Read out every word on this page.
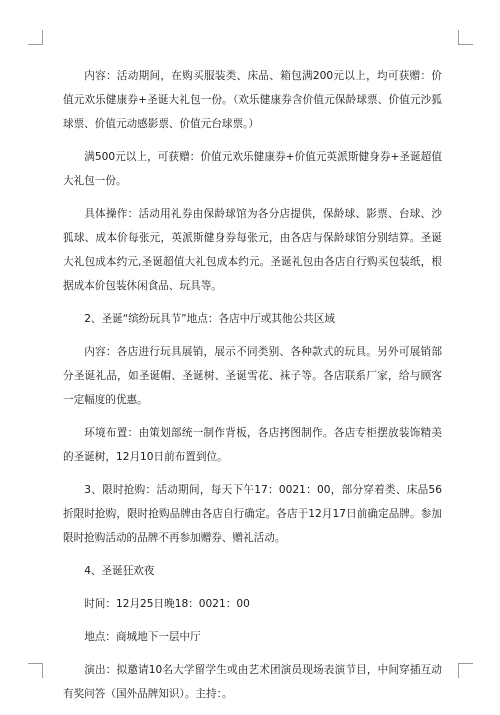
内容：活动期间，在购买服装类、床品、箱包满200元以上，均可获赠：价值元欢乐健康券+圣诞大礼包一份。（欢乐健康券含价值元保龄球票、价值元沙狐球票、价值元动感影票、价值元台球票。）

满500元以上，可获赠：价值元欢乐健康券+价值元英派斯健身券+圣诞超值大礼包一份。

具体操作：活动用礼券由保龄球馆为各分店提供，保龄球、影票、台球、沙狐球、成本价每张元，英派斯健身券每张元，由各店与保龄球馆分别结算。圣诞大礼包成本约元,圣诞超值大礼包成本约元。圣诞礼包由各店自行购买包装纸，根据成本价包装休闲食品、玩具等。

2、圣诞“缤纷玩具节”地点：各店中厅或其他公共区域

内容：各店进行玩具展销，展示不同类别、各种款式的玩具。另外可展销部分圣诞礼品，如圣诞帽、圣诞树、圣诞雪花、袜子等。各店联系厂家，给与顾客一定幅度的优惠。

环境布置：由策划部统一制作背板，各店拷图制作。各店专柜摆放装饰精美的圣诞树，12月10日前布置到位。

3、限时抢购：活动期间，每天下午17：0021：00，部分穿着类、床品56折限时抢购，限时抢购品牌由各店自行确定。各店于12月17日前确定品牌。参加限时抢购活动的品牌不再参加赠券、赠礼活动。

4、圣诞狂欢夜

时间：12月25日晚18：0021：00

地点：商城地下一层中厅

演出：拟邀请10名大学留学生或由艺术团演员现场表演节目，中间穿插互动有奖问答（国外品牌知识）。主持：。
